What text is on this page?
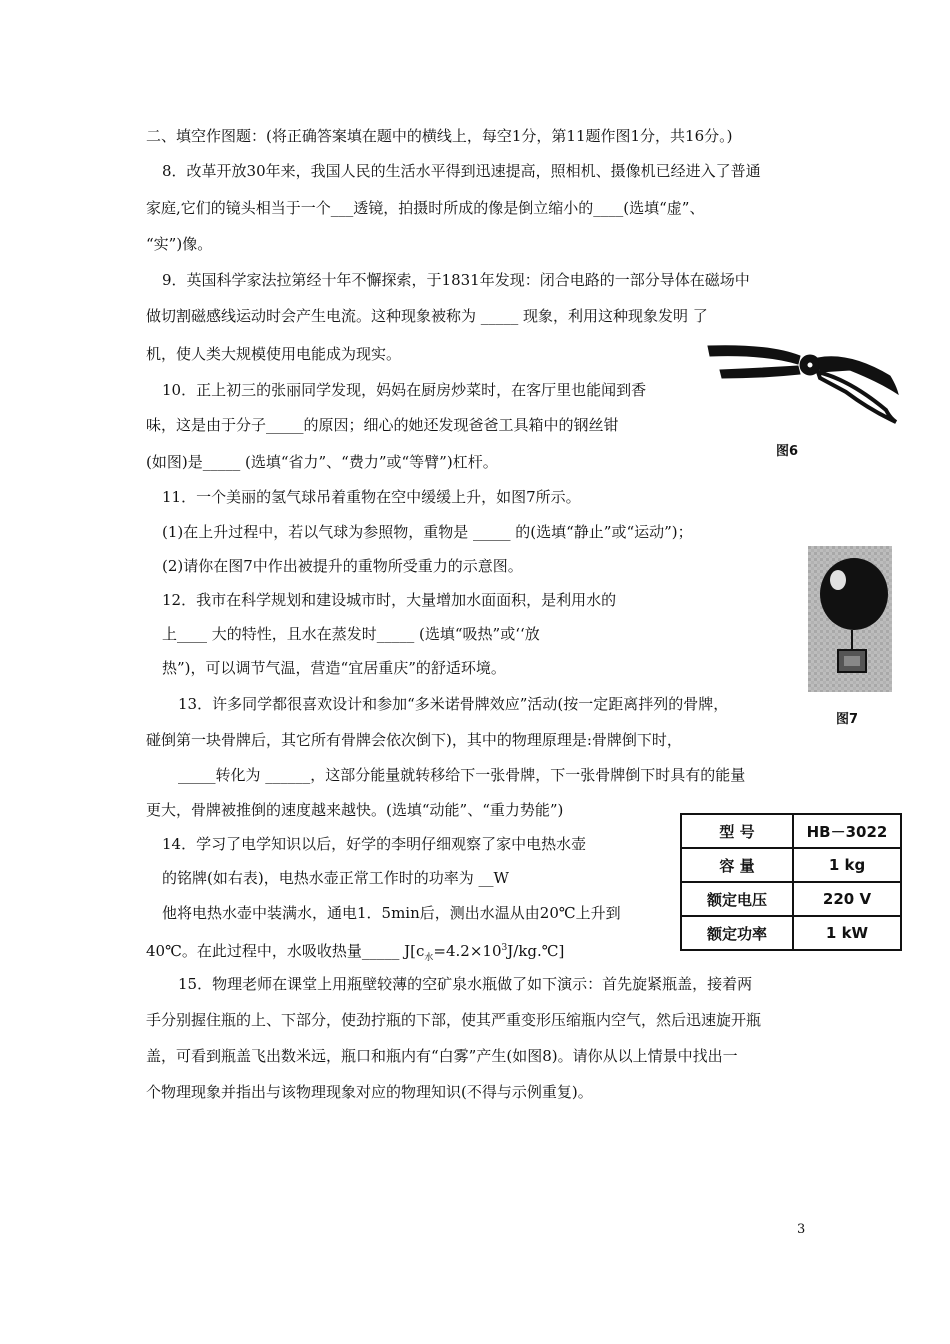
二、填空作图题：(将正确答案填在题中的横线上，每空1分，第11题作图1分，共16分。)
8．改革开放30年来，我国人民的生活水平得到迅速提高，照相机、摄像机已经进入了普通
家庭,它们的镜头相当于一个___透镜，拍摄时所成的像是倒立缩小的____(选填“虚”、
“实”)像。
9．英国科学家法拉第经十年不懈探索，于1831年发现：闭合电路的一部分导体在磁场中
做切割磁感线运动时会产生电流。这种现象被称为 _____ 现象，利用这种现象发明 了
机，使人类大规模使用电能成为现实。
10．正上初三的张丽同学发现，妈妈在厨房炒菜时，在客厅里也能闻到香
味，这是由于分子_____的原因；细心的她还发现爸爸工具箱中的钢丝钳
图6
(如图)是_____ (选填“省力”、“费力”或“等臂”)杠杆。
11．一个美丽的氢气球吊着重物在空中缓缓上升，如图7所示。
(1)在上升过程中，若以气球为参照物，重物是 _____ 的(选填“静止”或“运动”)；
(2)请你在图7中作出被提升的重物所受重力的示意图。
12．我市在科学规划和建设城市时，大量增加水面面积，是利用水的
上____ 大的特性，且水在蒸发时_____ (选填“吸热”或‘‘放
热”)，可以调节气温，营造“宜居重庆”的舒适环境。
13．许多同学都很喜欢设计和参加“多米诺骨牌效应”活动(按一定距离拌列的骨牌，
图7
碰倒第一块骨牌后，其它所有骨牌会依次倒下)，其中的物理原理是:骨牌倒下时，
_____转化为 ______，这部分能量就转移给下一张骨牌，下一张骨牌倒下时具有的能量
更大，骨牌被推倒的速度越来越快。(选填“动能”、“重力势能”)
型 号	HB－3022
容 量	1 kg
额定电压	220 V
额定功率	1 kW
14．学习了电学知识以后，好学的李明仔细观察了家中电热水壶
的铭牌(如右表)，电热水壶正常工作时的功率为 __W
他将电热水壶中装满水，通电1．5min后，测出水温从由20℃上升到
40℃。在此过程中，水吸收热量_____ $J[c_水=4.2\times 10^3J/kg.℃]$
15．物理老师在课堂上用瓶壁较薄的空矿泉水瓶做了如下演示：首先旋紧瓶盖，接着两
手分别握住瓶的上、下部分，使劲拧瓶的下部，使其严重变形压缩瓶内空气，然后迅速旋开瓶
盖，可看到瓶盖飞出数米远，瓶口和瓶内有“白雾”产生(如图8)。请你从以上情景中找出一
个物理现象并指出与该物理现象对应的物理知识(不得与示例重复)。
3
